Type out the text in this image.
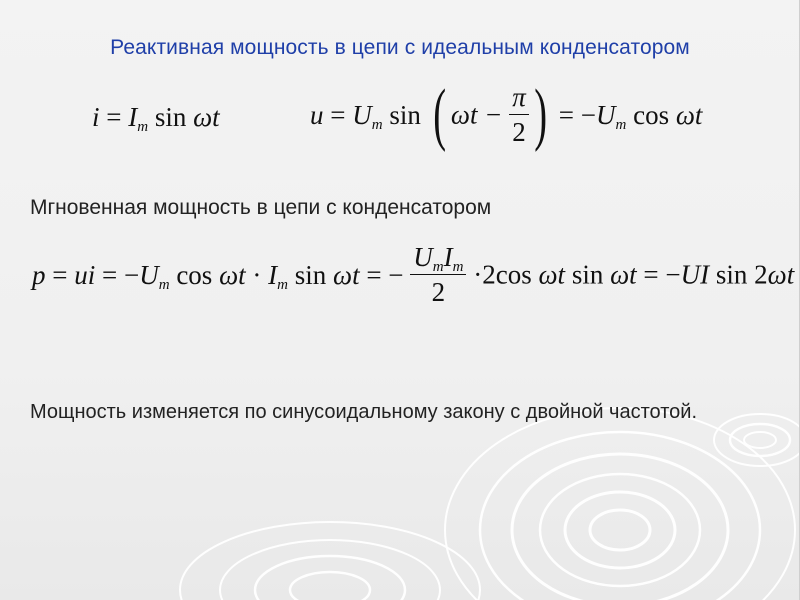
Реактивная мощность в цепи с идеальным конденсатором
$i = I_m$ sin ωt	$u = U_m$ sin ( $\omega t - \frac{\pi}{2}$ ) = $-U_m$ cos ωt
Мгновенная мощность в цепи с конденсатором
p = ui = $-U_m$ $\cos \omega t \cdot I_m$ sin ωt = − $\frac{U_mI_m}{2} \cdot 2\cos$ ωt sin ωt = −UI sin 2ωt
Мощность изменяется по синусоидальному закону с двойной частотой.
